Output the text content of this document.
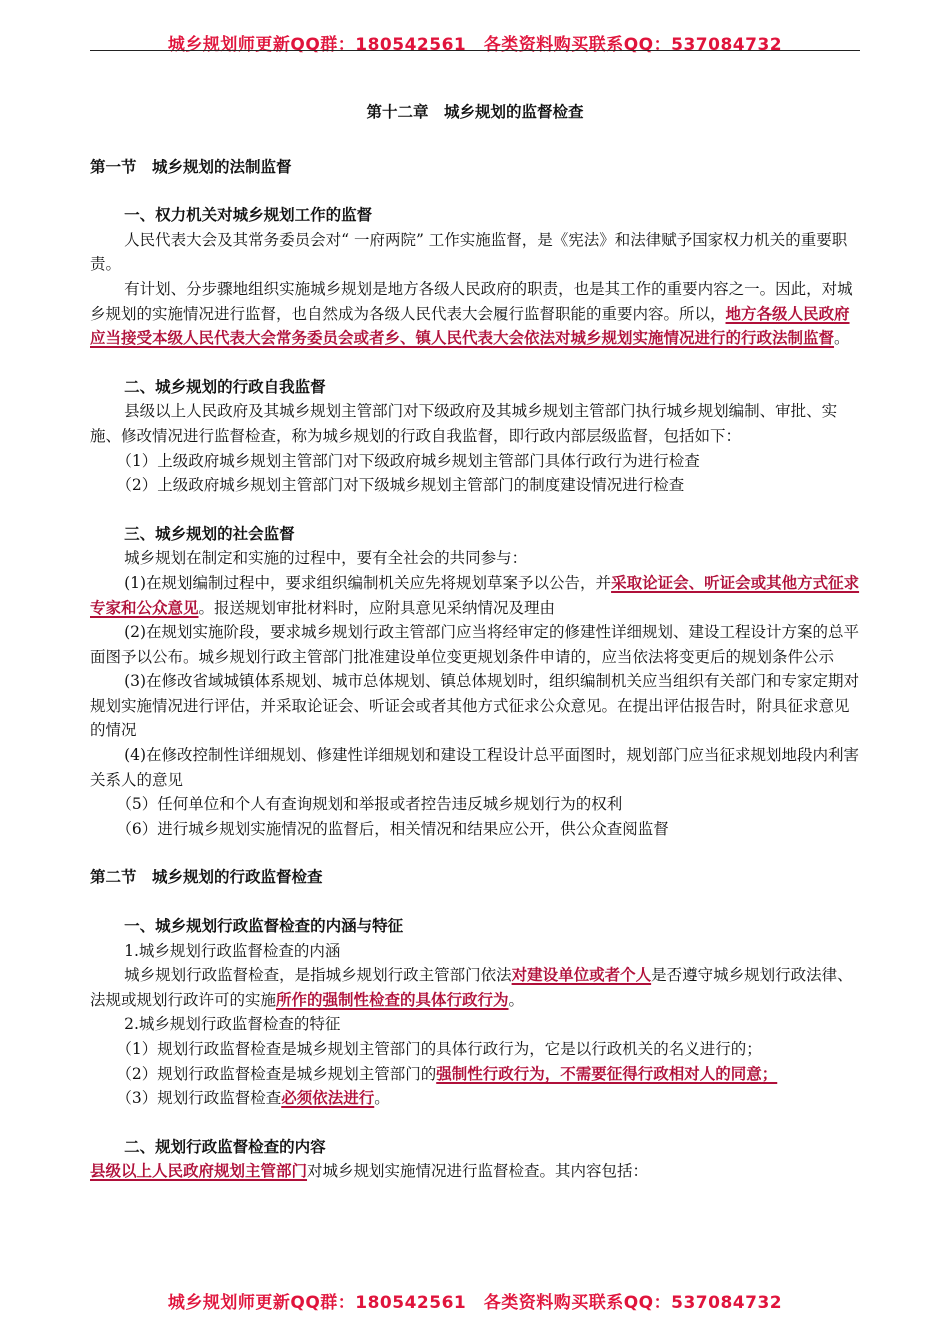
城乡规划师更新QQ群：180542561　各类资料购买联系QQ：537084732

第十二章　城乡规划的监督检查

第一节　城乡规划的法制监督

一、权力机关对城乡规划工作的监督

人民代表大会及其常务委员会对“ 一府两院” 工作实施监督，是《宪法》和法律赋予国家权力机关的重要职责。

有计划、分步骤地组织实施城乡规划是地方各级人民政府的职责，也是其工作的重要内容之一。因此，对城乡规划的实施情况进行监督，也自然成为各级人民代表大会履行监督职能的重要内容。所以，地方各级人民政府应当接受本级人民代表大会常务委员会或者乡、镇人民代表大会依法对城乡规划实施情况进行的行政法制监督。

二、城乡规划的行政自我监督

县级以上人民政府及其城乡规划主管部门对下级政府及其城乡规划主管部门执行城乡规划编制、审批、实施、修改情况进行监督检查，称为城乡规划的行政自我监督，即行政内部层级监督，包括如下：

（1）上级政府城乡规划主管部门对下级政府城乡规划主管部门具体行政行为进行检查

（2）上级政府城乡规划主管部门对下级城乡规划主管部门的制度建设情况进行检查

三、城乡规划的社会监督

城乡规划在制定和实施的过程中，要有全社会的共同参与：

(1)在规划编制过程中，要求组织编制机关应先将规划草案予以公告，并采取论证会、听证会或其他方式征求专家和公众意见。报送规划审批材料时，应附具意见采纳情况及理由

(2)在规划实施阶段，要求城乡规划行政主管部门应当将经审定的修建性详细规划、建设工程设计方案的总平面图予以公布。城乡规划行政主管部门批准建设单位变更规划条件申请的，应当依法将变更后的规划条件公示

(3)在修改省域城镇体系规划、城市总体规划、镇总体规划时，组织编制机关应当组织有关部门和专家定期对规划实施情况进行评估，并采取论证会、听证会或者其他方式征求公众意见。在提出评估报告时，附具征求意见的情况

(4)在修改控制性详细规划、修建性详细规划和建设工程设计总平面图时，规划部门应当征求规划地段内利害关系人的意见

（5）任何单位和个人有查询规划和举报或者控告违反城乡规划行为的权利

（6）进行城乡规划实施情况的监督后，相关情况和结果应公开，供公众查阅监督

第二节　城乡规划的行政监督检查

一、城乡规划行政监督检查的内涵与特征

1.城乡规划行政监督检查的内涵

城乡规划行政监督检查，是指城乡规划行政主管部门依法对建设单位或者个人是否遵守城乡规划行政法律、法规或规划行政许可的实施所作的强制性检查的具体行政行为。

2.城乡规划行政监督检查的特征

（1）规划行政监督检查是城乡规划主管部门的具体行政行为，它是以行政机关的名义进行的；

（2）规划行政监督检查是城乡规划主管部门的强制性行政行为，不需要征得行政相对人的同意；

（3）规划行政监督检查必须依法进行。

二、规划行政监督检查的内容

县级以上人民政府规划主管部门对城乡规划实施情况进行监督检查。其内容包括：

城乡规划师更新QQ群：180542561　各类资料购买联系QQ：537084732
